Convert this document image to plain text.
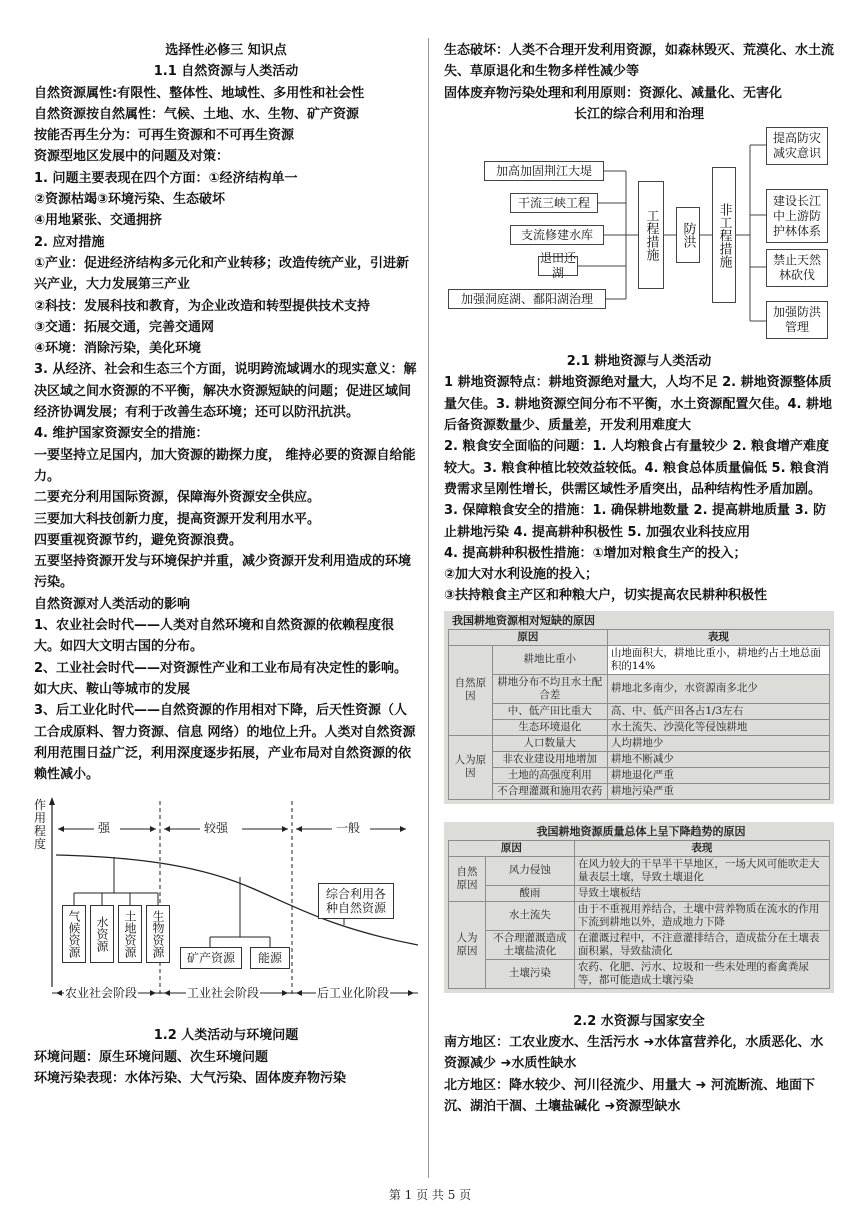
选择性必修三 知识点
1.1 自然资源与人类活动
自然资源属性:有限性、整体性、地域性、多用性和社会性
自然资源按自然属性：气候、土地、水、生物、矿产资源
按能否再生分为：可再生资源和不可再生资源
资源型地区发展中的问题及对策：
1. 问题主要表现在四个方面：①经济结构单一
②资源枯竭③环境污染、生态破坏
④用地紧张、交通拥挤
2. 应对措施
①产业：促进经济结构多元化和产业转移；改造传统产业，引进新兴产业，大力发展第三产业
②科技：发展科技和教育，为企业改造和转型提供技术支持
③交通：拓展交通，完善交通网
④环境：消除污染，美化环境
3. 从经济、社会和生态三个方面，说明跨流域调水的现实意义：解决区域之间水资源的不平衡，解决水资源短缺的问题；促进区域间经济协调发展；有利于改善生态环境；还可以防汛抗洪。
4. 维护国家资源安全的措施：
一要坚持立足国内，加大资源的勘探力度， 维持必要的资源自给能力。
二要充分利用国际资源，保障海外资源安全供应。
三要加大科技创新力度，提高资源开发利用水平。
四要重视资源节约，避免资源浪费。
五要坚持资源开发与环境保护并重，减少资源开发利用造成的环境污染。
自然资源对人类活动的影响
1、农业社会时代——人类对自然环境和自然资源的依赖程度很大。如四大文明古国的分布。
2、工业社会时代——对资源性产业和工业布局有决定性的影响。如大庆、鞍山等城市的发展
3、后工业化时代——自然资源的作用相对下降，后天性资源（人工合成原料、智力资源、信息 网络）的地位上升。人类对自然资源利用范围日益广泛，利用深度逐步拓展，产业布局对自然资源的依赖性减小。
作
用
程
度
强	较强	一般
气候资源 水资源 土地资源 生物资源	矿产资源	能源
综合利用各种自然资源
农业社会阶段	工业社会阶段	后工业化阶段
1.2 人类活动与环境问题
环境问题：原生环境问题、次生环境问题
环境污染表现：水体污染、大气污染、固体废弃物污染
生态破坏：人类不合理开发利用资源，如森林毁灭、荒漠化、水土流失、草原退化和生物多样性减少等
固体废弃物污染处理和利用原则：资源化、减量化、无害化
长江的综合利用和治理
加高加固荆江大堤
干流三峡工程
支流修建水库
退田还湖
加强洞庭湖、鄱阳湖治理
工程措施 防洪 非工程措施
提高防灾减灾意识
建设长江中上游防护林体系
禁止天然林砍伐
加强防洪管理
2.1 耕地资源与人类活动
1 耕地资源特点：耕地资源绝对量大，人均不足 2. 耕地资源整体质量欠佳。3. 耕地资源空间分布不平衡，水土资源配置欠佳。4. 耕地后备资源数量少、质量差，开发利用难度大
2. 粮食安全面临的问题：1. 人均粮食占有量较少 2. 粮食增产难度较大。3. 粮食种植比较效益较低。4. 粮食总体质量偏低 5. 粮食消费需求呈刚性增长，供需区域性矛盾突出，品种结构性矛盾加剧。
3. 保障粮食安全的措施：1. 确保耕地数量 2. 提高耕地质量 3. 防止耕地污染 4. 提高耕种积极性 5. 加强农业科技应用
4. 提高耕种积极性措施：①增加对粮食生产的投入；
②加大对水利设施的投入；
③扶持粮食主产区和种粮大户，切实提高农民耕种积极性
我国耕地资源相对短缺的原因
原因		表现
自然原因	耕地比重小	山地面积大，耕地比重小，耕地约占土地总面积的14%
	耕地分布不均且水土配合差	耕地北多南少，水资源南多北少
	中、低产田比重大	高、中、低产田各占1/3左右
	生态环境退化	水土流失、沙漠化等侵蚀耕地
人为原因	人口数量大	人均耕地少
	非农业建设用地增加	耕地不断减少
	土地的高强度利用	耕地退化严重
	不合理灌溉和施用农药	耕地污染严重
我国耕地资源质量总体上呈下降趋势的原因
原因		表现
自然原因	风力侵蚀	在风力较大的干旱半干旱地区，一场大风可能吹走大量表层土壤，导致土壤退化
	酸雨	导致土壤板结
人为原因	水土流失	由于不重视用养结合，土壤中营养物质在流水的作用下流到耕地以外，造成地力下降
	不合理灌溉造成土壤盐渍化	在灌溉过程中，不注意灌排结合，造成盐分在土壤表面积累，导致盐渍化
	土壤污染	农药、化肥、污水、垃圾和一些未处理的畜禽粪尿等，都可能造成土壤污染
2.2 水资源与国家安全
南方地区：工农业废水、生活污水 ➜水体富营养化，水质恶化、水资源减少 ➜水质性缺水
北方地区：降水较少、河川径流少、用量大 ➜ 河流断流、地面下沉、湖泊干涸、土壤盐碱化 ➜资源型缺水
第 1 页 共 5 页
